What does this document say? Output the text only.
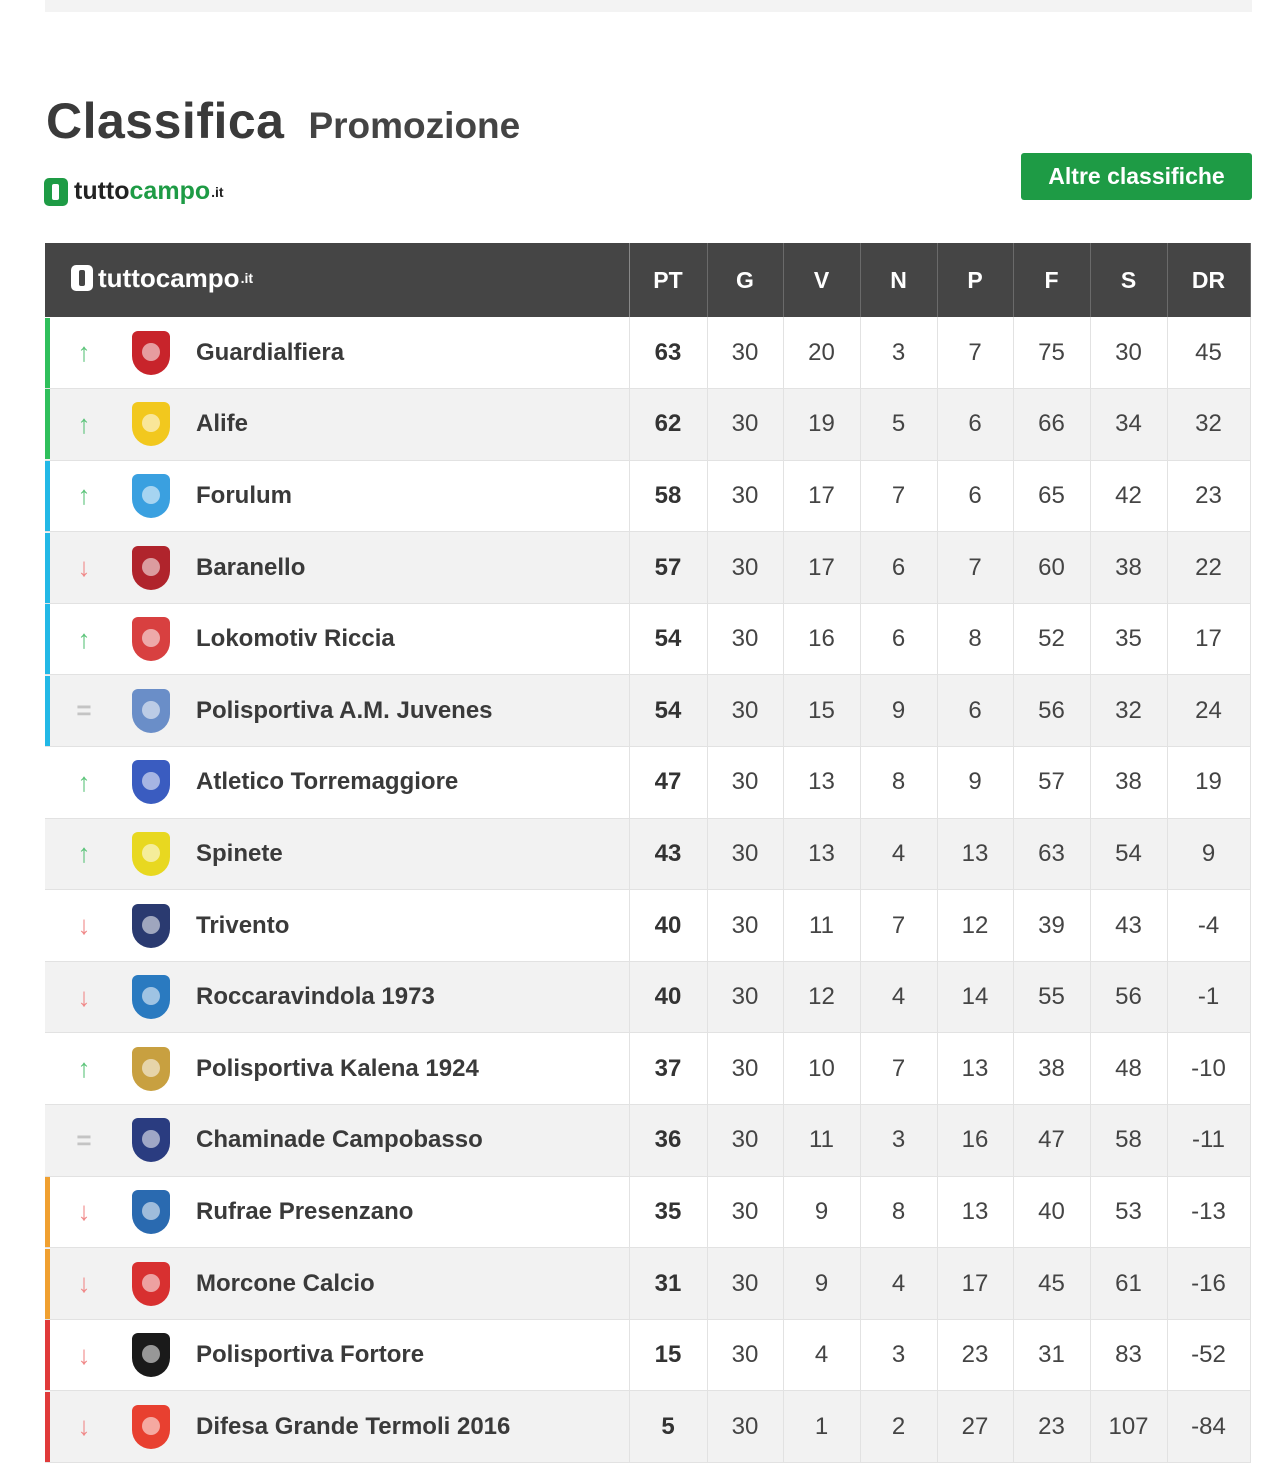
Classifica Promozione
tutto campo .it
Altre classifiche
tutto campo .it	PT	G	V	N	P	F	S	DR

↑ Guardialfiera	63	30	20	3	7	75	30	45

↑ Alife	62	30	19	5	6	66	34	32

↑ Forulum	58	30	17	7	6	65	42	23

↓ Baranello	57	30	17	6	7	60	38	22

↑ Lokomotiv Riccia	54	30	16	6	8	52	35	17

= Polisportiva A.M. Juvenes	54	30	15	9	6	56	32	24

↑ Atletico Torremaggiore	47	30	13	8	9	57	38	19

↑ Spinete	43	30	13	4	13	63	54	9

↓ Trivento	40	30	11	7	12	39	43	-4

↓ Roccaravindola 1973	40	30	12	4	14	55	56	-1

↑ Polisportiva Kalena 1924	37	30	10	7	13	38	48	-10

= Chaminade Campobasso	36	30	11	3	16	47	58	-11

↓ Rufrae Presenzano	35	30	9	8	13	40	53	-13

↓ Morcone Calcio	31	30	9	4	17	45	61	-16

↓ Polisportiva Fortore	15	30	4	3	23	31	83	-52

↓ Difesa Grande Termoli 2016	5	30	1	2	27	23	107	-84
